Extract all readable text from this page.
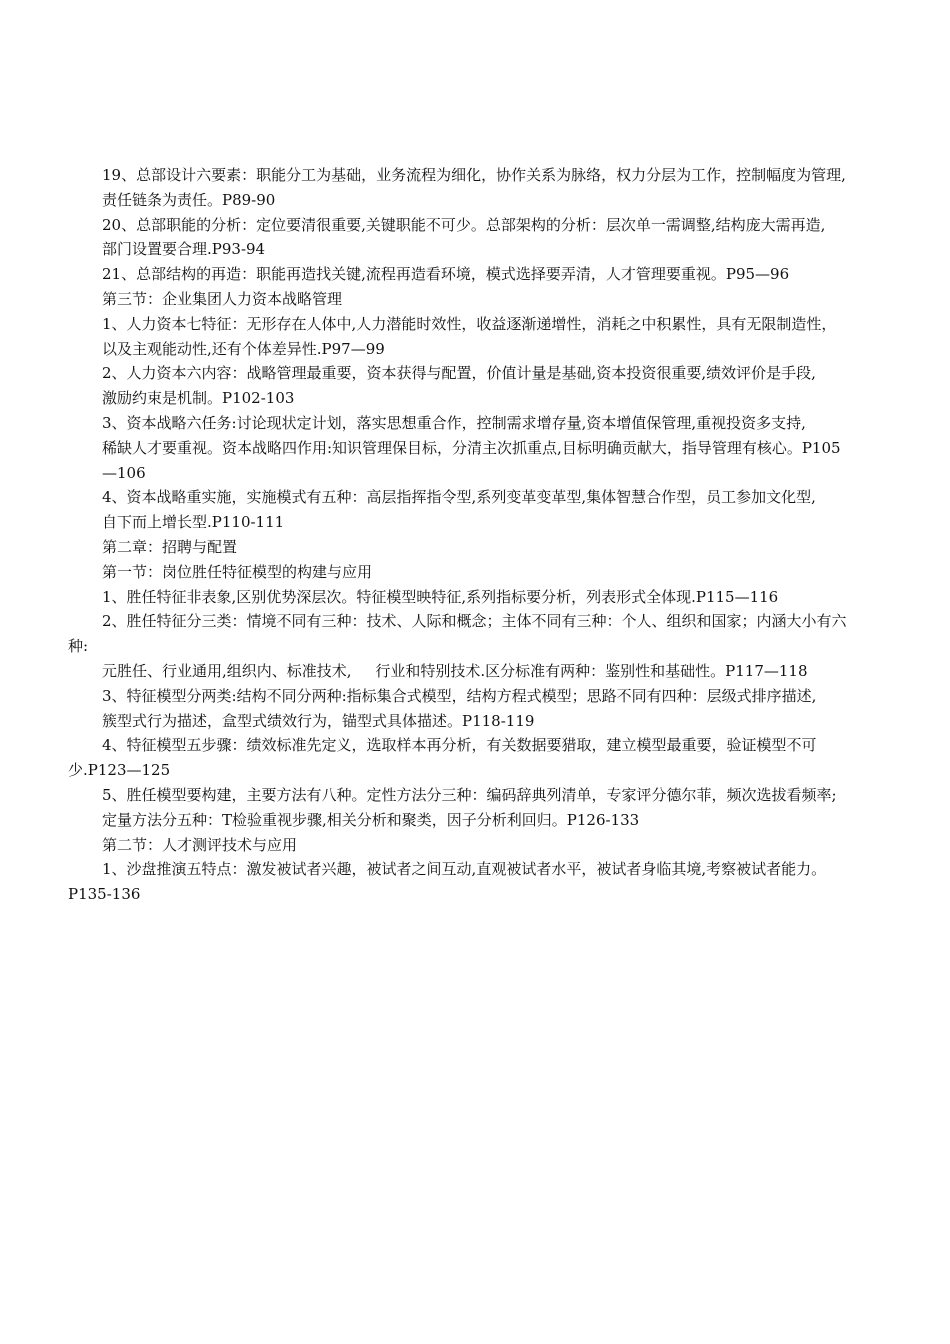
19、总部设计六要素：职能分工为基础，业务流程为细化，协作关系为脉络，权力分层为工作，控制幅度为管理,

责任链条为责任。P89-90

20、总部职能的分析：定位要清很重要,关键职能不可少。总部架构的分析：层次单一需调整,结构庞大需再造,

部门设置要合理.P93-94

21、总部结构的再造：职能再造找关键,流程再造看环境，模式选择要弄清，人才管理要重视。P95—96

第三节：企业集团人力资本战略管理

1、人力资本七特征：无形存在人体中,人力潜能时效性，收益逐渐递增性，消耗之中积累性，具有无限制造性，

以及主观能动性,还有个体差异性.P97—99

2、人力资本六内容：战略管理最重要，资本获得与配置，价值计量是基础,资本投资很重要,绩效评价是手段,

激励约束是机制。P102-103

3、资本战略六任务:讨论现状定计划，落实思想重合作，控制需求增存量,资本增值保管理,重视投资多支持,

稀缺人才要重视。资本战略四作用:知识管理保目标，分清主次抓重点,目标明确贡献大，指导管理有核心。P105—106

4、资本战略重实施，实施模式有五种：高层指挥指令型,系列变革变革型,集体智慧合作型，员工参加文化型,

自下而上增长型.P110-111

第二章：招聘与配置

第一节：岗位胜任特征模型的构建与应用

1、胜任特征非表象,区别优势深层次。特征模型映特征,系列指标要分析，列表形式全体现.P115—116

2、胜任特征分三类：情境不同有三种：技术、人际和概念；主体不同有三种：个人、组织和国家；内涵大小有六种:

元胜任、行业通用,组织内、标准技术,     行业和特别技术.区分标准有两种：鉴别性和基础性。P117—118

3、特征模型分两类:结构不同分两种:指标集合式模型，结构方程式模型；思路不同有四种：层级式排序描述,

簇型式行为描述，盒型式绩效行为，锚型式具体描述。P118-119

4、特征模型五步骤：绩效标准先定义，选取样本再分析，有关数据要猎取，建立模型最重要，验证模型不可少.P123—125

5、胜任模型要构建，主要方法有八种。定性方法分三种：编码辞典列清单，专家评分德尔菲，频次选拔看频率;

定量方法分五种：T检验重视步骤,相关分析和聚类，因子分析利回归。P126-133

第二节：人才测评技术与应用

1、沙盘推演五特点：激发被试者兴趣，被试者之间互动,直观被试者水平，被试者身临其境,考察被试者能力。P135-136
